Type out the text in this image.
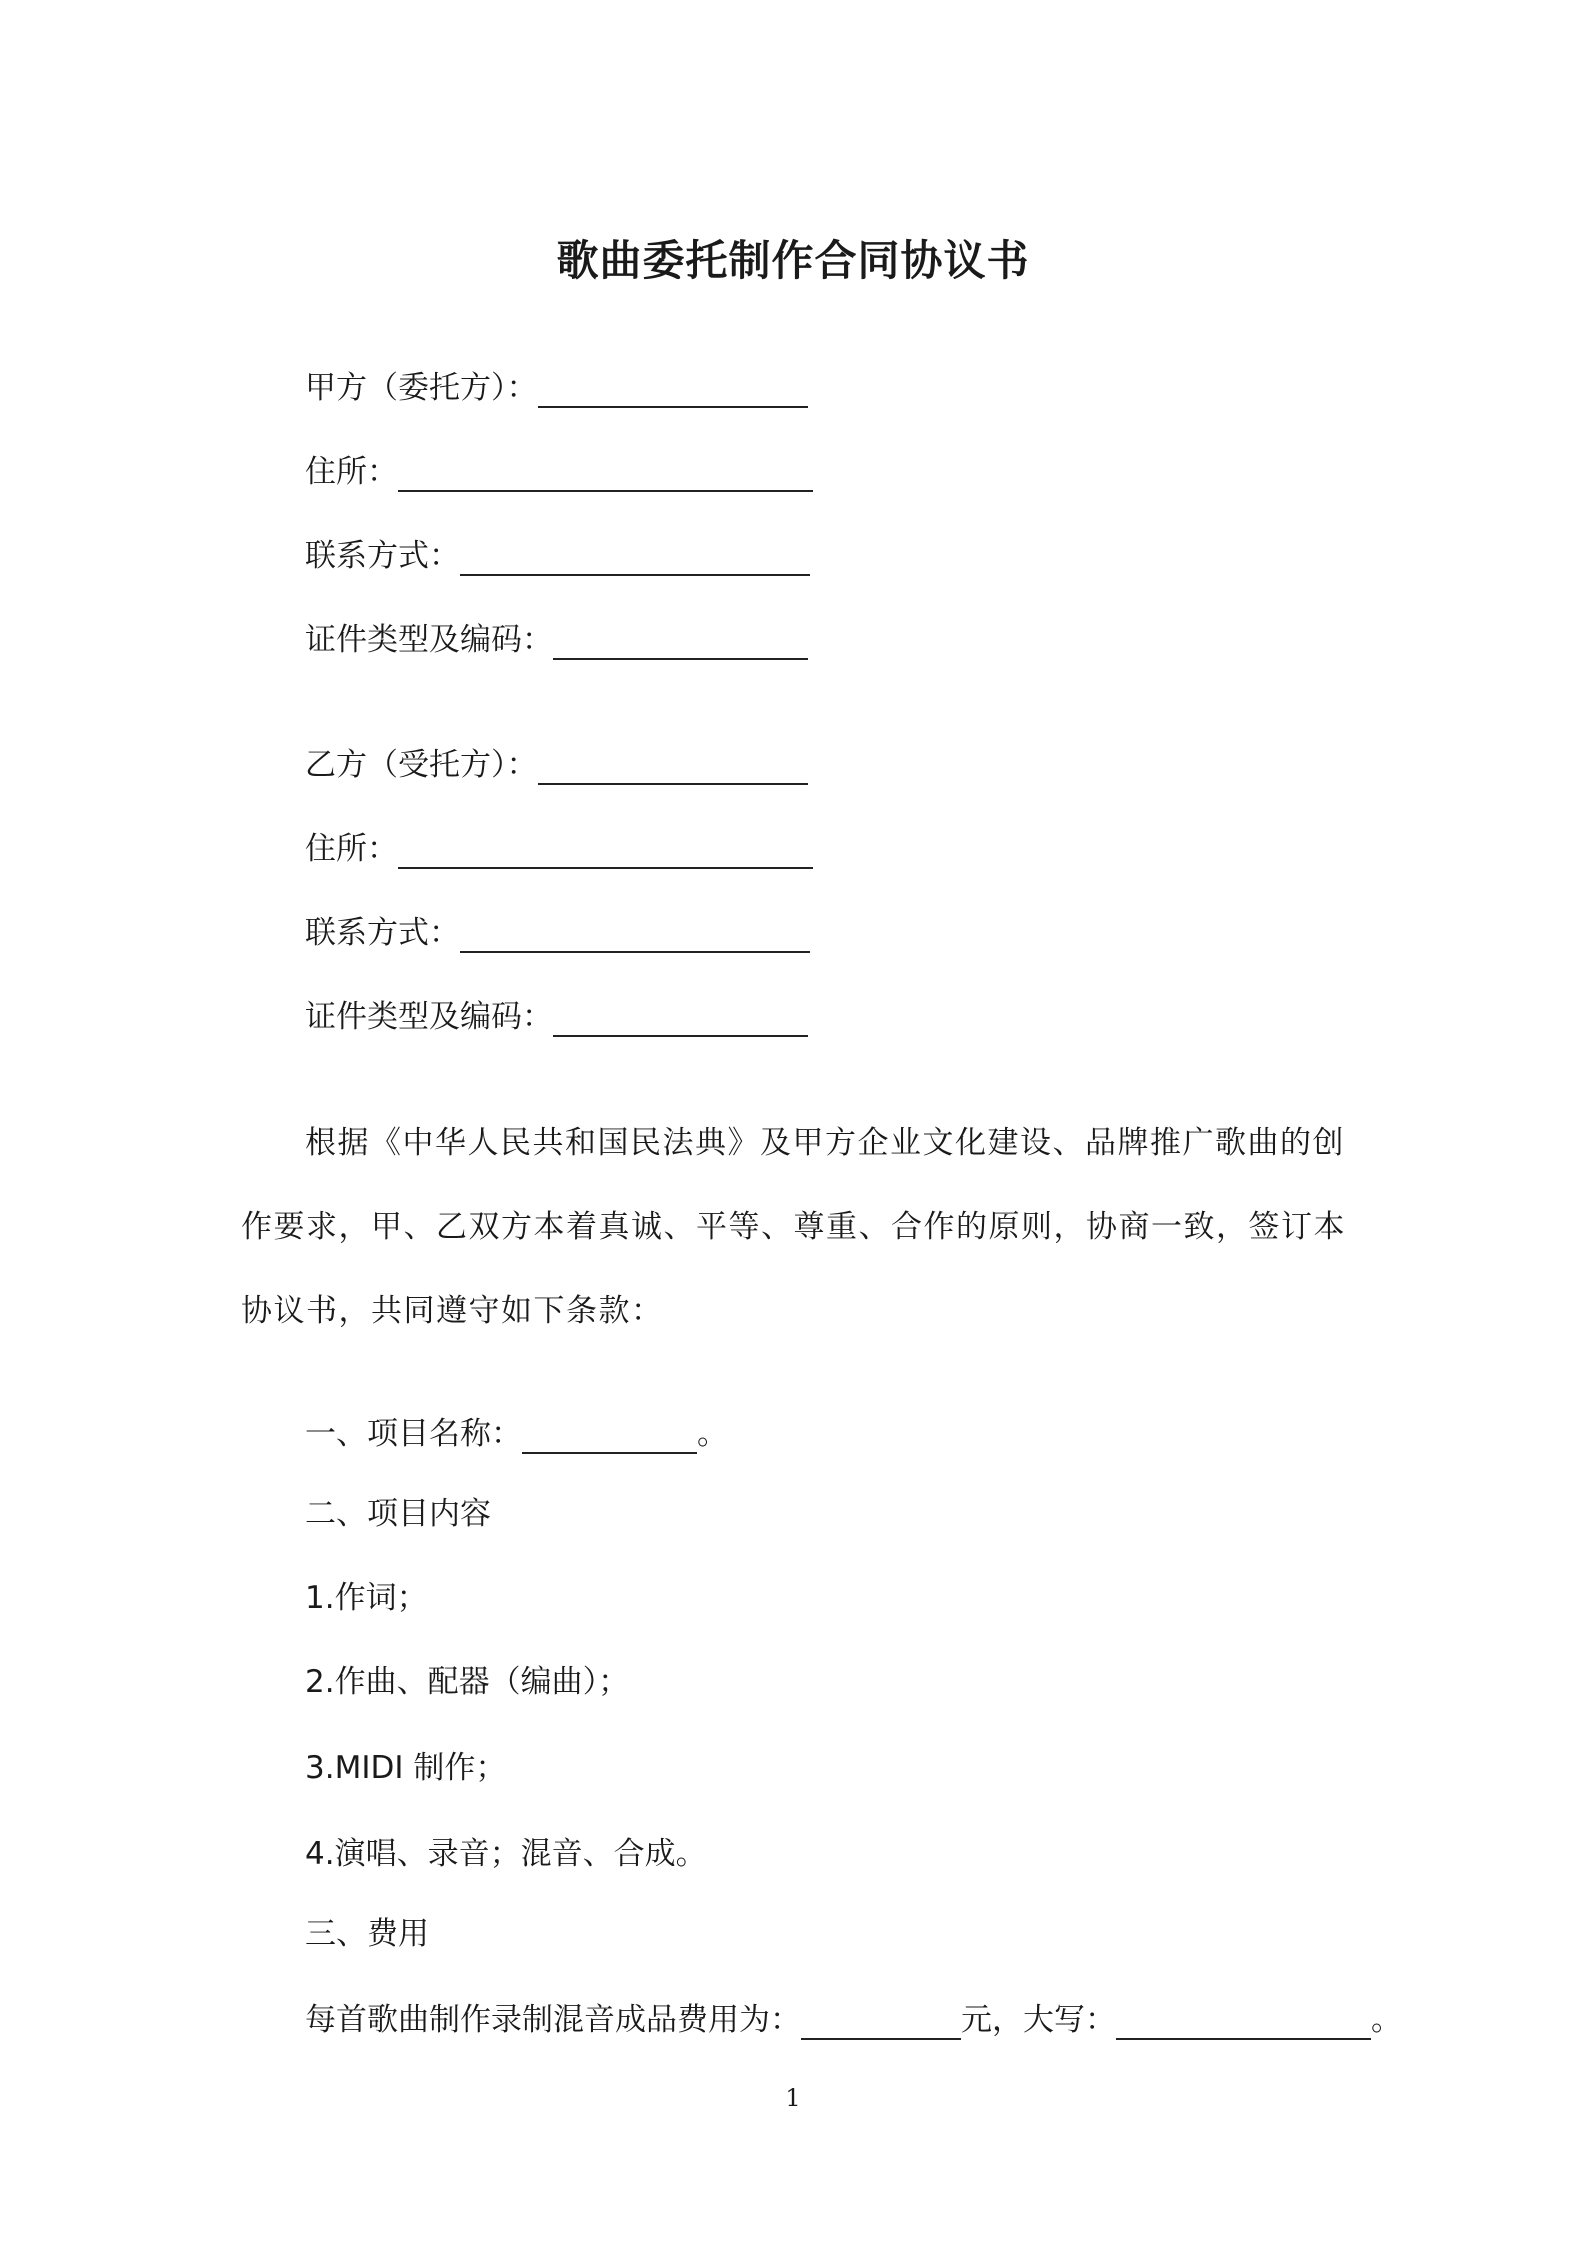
歌曲委托制作合同协议书
甲方（委托方）：
住所：
联系方式：
证件类型及编码：
乙方（受托方）：
住所：
联系方式：
证件类型及编码：
根据《中华人民共和国民法典》及甲方企业文化建设、品牌推广歌曲的创作要求，甲、乙双方本着真诚、平等、尊重、合作的原则，协商一致，签订本协议书，共同遵守如下条款：
一、项目名称：	。
二、项目内容
1.作词；
2.作曲、配器（编曲）；
3.MIDI 制作；
4.演唱、录音；混音、合成。
三、费用
每首歌曲制作录制混音成品费用为：	元，大写：	。
1
